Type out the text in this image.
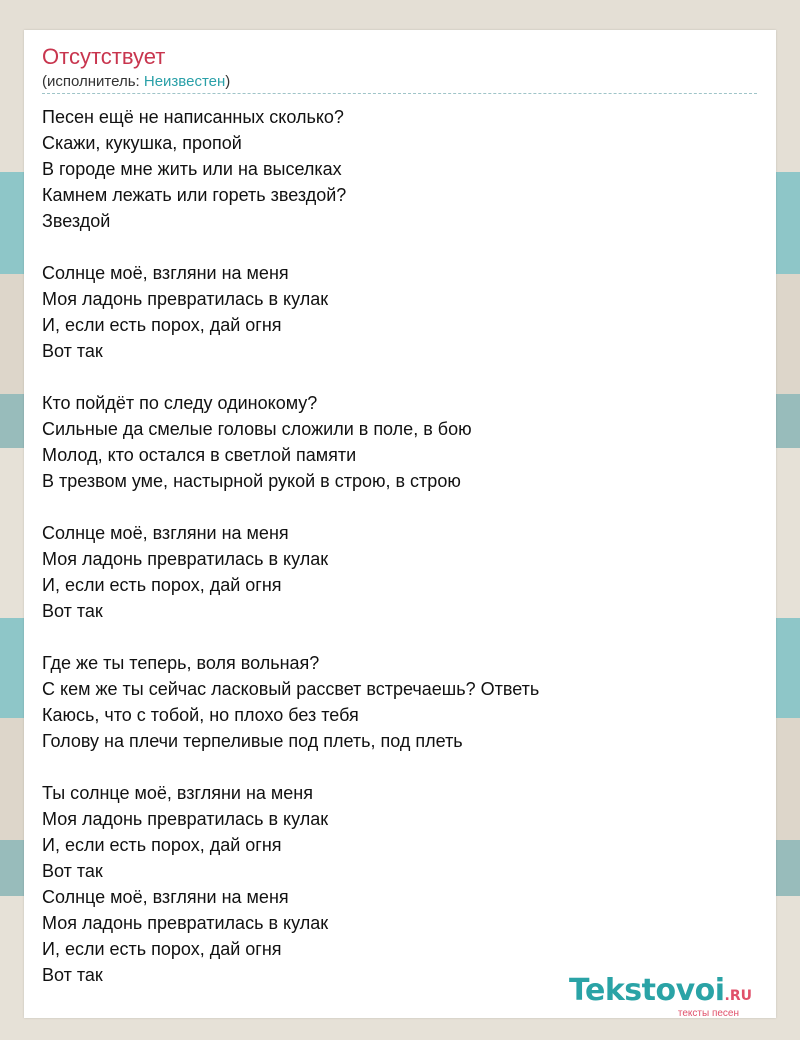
Отсутствует
(исполнитель: Неизвестен)
Песен ещё не написанных сколько?
Скажи, кукушка, пропой
В городе мне жить или на выселках
Камнем лежать или гореть звездой?
Звездой
Солнце моё, взгляни на меня
Моя ладонь превратилась в кулак
И, если есть порох, дай огня
Вот так
Кто пойдёт по следу одинокому?
Сильные да смелые головы сложили в поле, в бою
Молод, кто остался в светлой памяти
В трезвом уме, настырной рукой в строю, в строю
Солнце моё, взгляни на меня
Моя ладонь превратилась в кулак
И, если есть порох, дай огня
Вот так
Где же ты теперь, воля вольная?
С кем же ты сейчас ласковый рассвет встречаешь? Ответь
Каюсь, что с тобой, но плохо без тебя
Голову на плечи терпеливые под плеть, под плеть
Ты солнце моё, взгляни на меня
Моя ладонь превратилась в кулак
И, если есть порох, дай огня
Вот так
Солнце моё, взгляни на меня
Моя ладонь превратилась в кулак
И, если есть порох, дай огня
Вот так	Tekstovoi.RU
тексты песен
